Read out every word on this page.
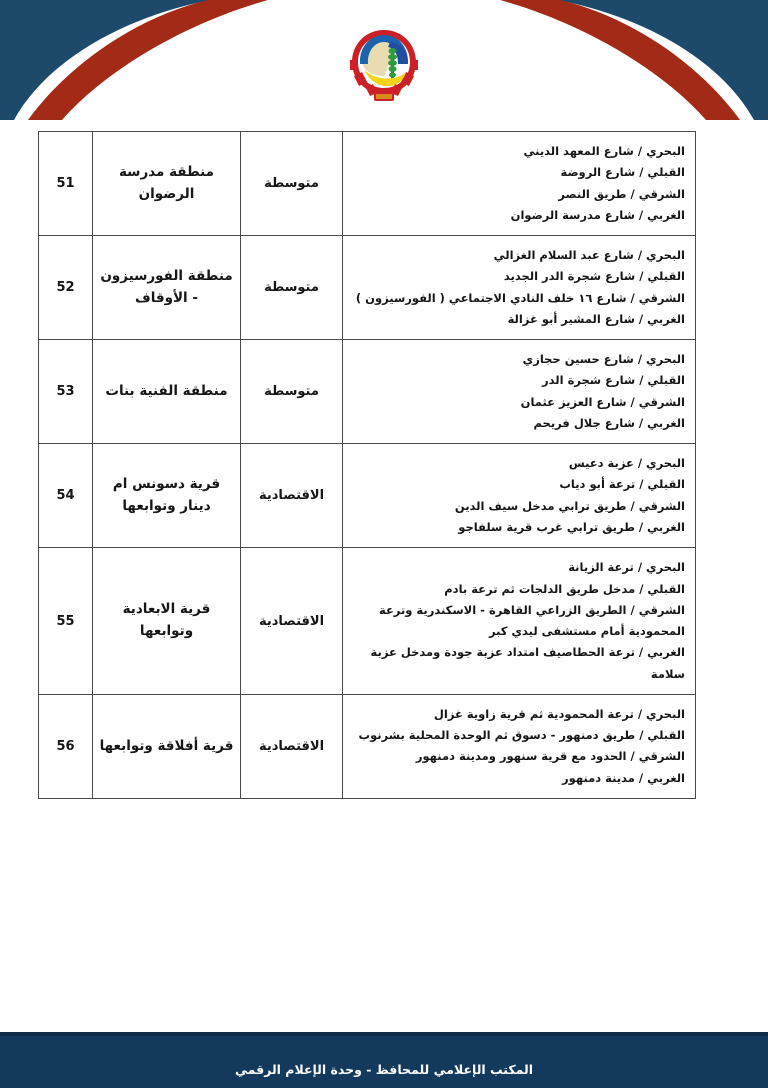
البحري / شارع المعهد الديني
القبلي / شارع الروضة
الشرقي / طريق النصر
الغربي / شارع مدرسة الرضوان	متوسطة	منطقة مدرسة الرضوان	51

البحري / شارع عبد السلام الغزالي
القبلي / شارع شجرة الدر الجديد
الشرقي / شارع ١٦ خلف النادي الاجتماعي ( الفورسيزون )
الغربي / شارع المشير أبو غزالة	متوسطة	منطقة الفورسيزون - الأوقاف	52

البحري / شارع حسين حجازي
القبلي / شارع شجرة الدر
الشرقي / شارع العزيز عثمان
الغربي / شارع جلال فريحم	متوسطة	منطقة الفنية بنات	53

البحري / عزبة دعيس
القبلي / ترعة أبو دياب
الشرقي / طريق ترابي مدخل سيف الدين
الغربي / طريق ترابي غرب قرية سلفاجو	الاقتصادية	قرية دسونس ام دينار وتوابعها	54

البحري / ترعة الزيانة
القبلي / مدخل طريق الدلجات ثم ترعة بادم
الشرقي / الطريق الزراعي القاهرة - الاسكندرية وترعة المحمودية أمام مستشفى ليدي كبر
الغربي / ترعة الحطاصيف امتداد عزبة جودة ومدخل عزبة سلامة	الاقتصادية	قرية الابعادية وتوابعها	55

البحري / ترعة المحمودية ثم قرية زاوية غزال
القبلي / طريق دمنهور - دسوق ثم الوحدة المحلية بشرنوب
الشرقي / الحدود مع قرية سنهور ومدينة دمنهور
الغربي / مدينة دمنهور	الاقتصادية	قرية أفلاقة وتوابعها	56
المكتب الإعلامي للمحافظ - وحدة الإعلام الرقمي
